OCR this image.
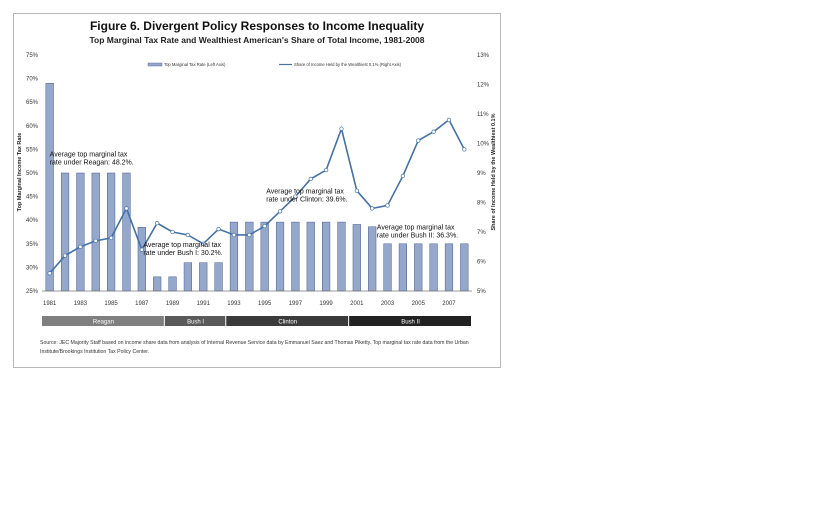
Figure 6. Divergent Policy Responses to Income Inequality
Top Marginal Tax Rate and Wealthiest American's Share of Total Income, 1981-2008
25%
30%
35%
40%
45%
50%
55%
60%
65%
70%
75%
5%
6%
7%
8%
9%
10%
11%
12%
13%
Top Marginal Income Tax Rate	Share of Income Held by the Wealthiest 0.1%
Top Marginal Tax Rate (Left Axis)	Share of Income Held by the Wealthiest 0.1% (Right Axis)
1981	1983	1985	1987	1989	1991	1993	1995	1997	1999	2001	2003	2005	2007
Average top marginal tax rate under Reagan: 48.2%.
Average top marginal tax rate under Bush I: 30.2%.
Average top marginal tax rate under Clinton: 39.6%.
Average top marginal tax rate under Bush II: 36.3%.
Reagan	Bush I	Clinton	Bush II
Source: JEC Majority Staff based on income share data from analysis of Internal Revenue Service data by Emmanuel Saez and Thomas Piketty. Top marginal tax rate data from the Urban Institute/Brookings Institution Tax Policy Center.
